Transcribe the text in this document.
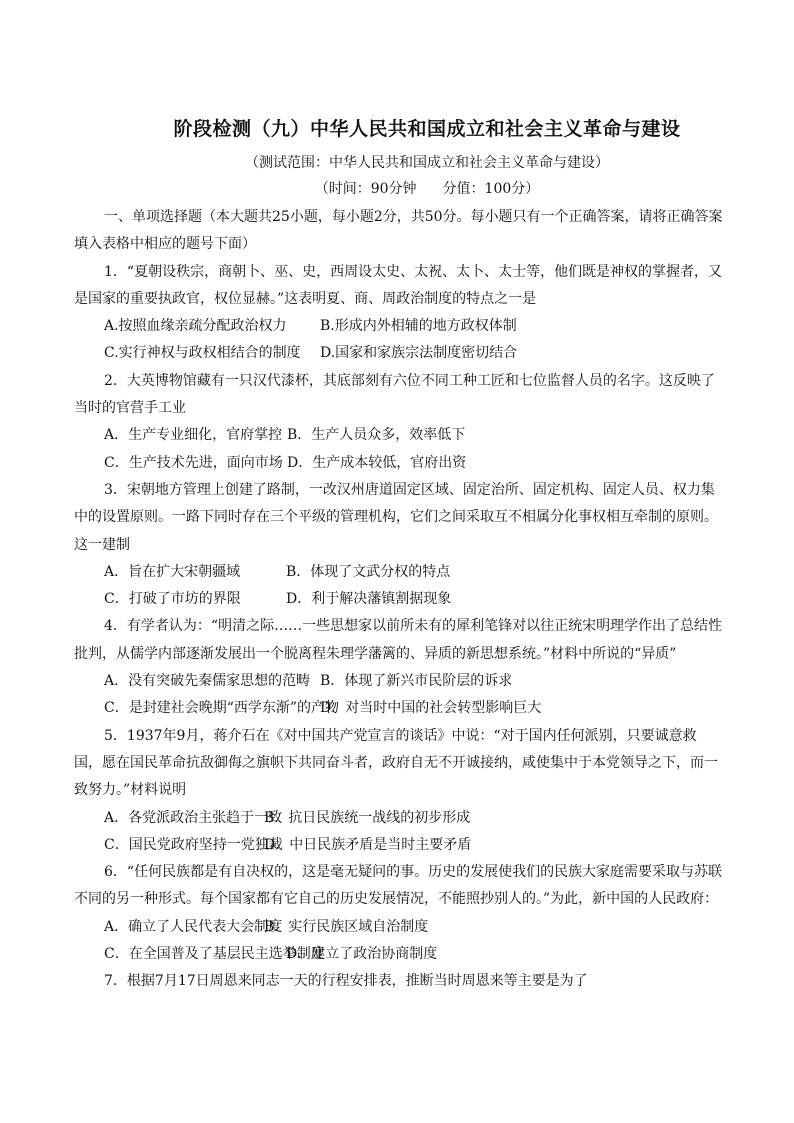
阶段检测（九）中华人民共和国成立和社会主义革命与建设
（测试范围：中华人民共和国成立和社会主义革命与建设）
（时间：90分钟 分值：100分）

一、单项选择题（本大题共25小题，每小题2分，共50分。每小题只有一个正确答案，请将正确答案填入表格中相应的题号下面）

1．“夏朝设秩宗，商朝卜、巫、史，西周设太史、太祝、太卜、太士等，他们既是神权的掌握者，又是国家的重要执政官，权位显赫。”这表明夏、商、周政治制度的特点之一是

A.按照血缘亲疏分配政治权力 B.形成内外相辅的地方政权体制

C.实行神权与政权相结合的制度 D.国家和家族宗法制度密切结合

2．大英博物馆藏有一只汉代漆杯，其底部刻有六位不同工种工匠和七位监督人员的名字。这反映了当时的官营手工业

A．生产专业细化，官府掌控 B．生产人员众多，效率低下

C．生产技术先进，面向市场 D．生产成本较低，官府出资

3．宋朝地方管理上创建了路制，一改汉州唐道固定区域、固定治所、固定机构、固定人员、权力集中的设置原则。一路下同时存在三个平级的管理机构，它们之间采取互不相属分化事权相互牵制的原则。这一建制

A．旨在扩大宋朝疆域	B．体现了文武分权的特点

C．打破了市坊的界限	D．利于解决藩镇割据现象

4．有学者认为：“明清之际……一些思想家以前所未有的犀利笔锋对以往正统宋明理学作出了总结性批判，从儒学内部逐渐发展出一个脱离程朱理学藩篱的、异质的新思想系统。”材料中所说的“异质”

A．没有突破先秦儒家思想的范畴 B．体现了新兴市民阶层的诉求

C．是封建社会晚期“西学东渐”的产物D．对当时中国的社会转型影响巨大

5．1937年9月，蒋介石在《对中国共产党宣言的谈话》中说：“对于国内任何派别，只要诚意救国，愿在国民革命抗敌御侮之旗帜下共同奋斗者，政府自无不开诚接纳，咸使集中于本党领导之下，而一致努力。”材料说明

A．各党派政治主张趋于一致B．抗日民族统一战线的初步形成

C．国民党政府坚持一党独裁D．中日民族矛盾是当时主要矛盾

6．“任何民族都是有自决权的，这是毫无疑问的事。历史的发展使我们的民族大家庭需要采取与苏联不同的另一种形式。每个国家都有它自己的历史发展情况，不能照抄别人的。”为此，新中国的人民政府：

A．确立了人民代表大会制度B．实行民族区域自治制度

C．在全国普及了基层民主选举制度D．建立了政治协商制度

7．根据7月17日周恩来同志一天的行程安排表，推断当时周恩来等主要是为了
